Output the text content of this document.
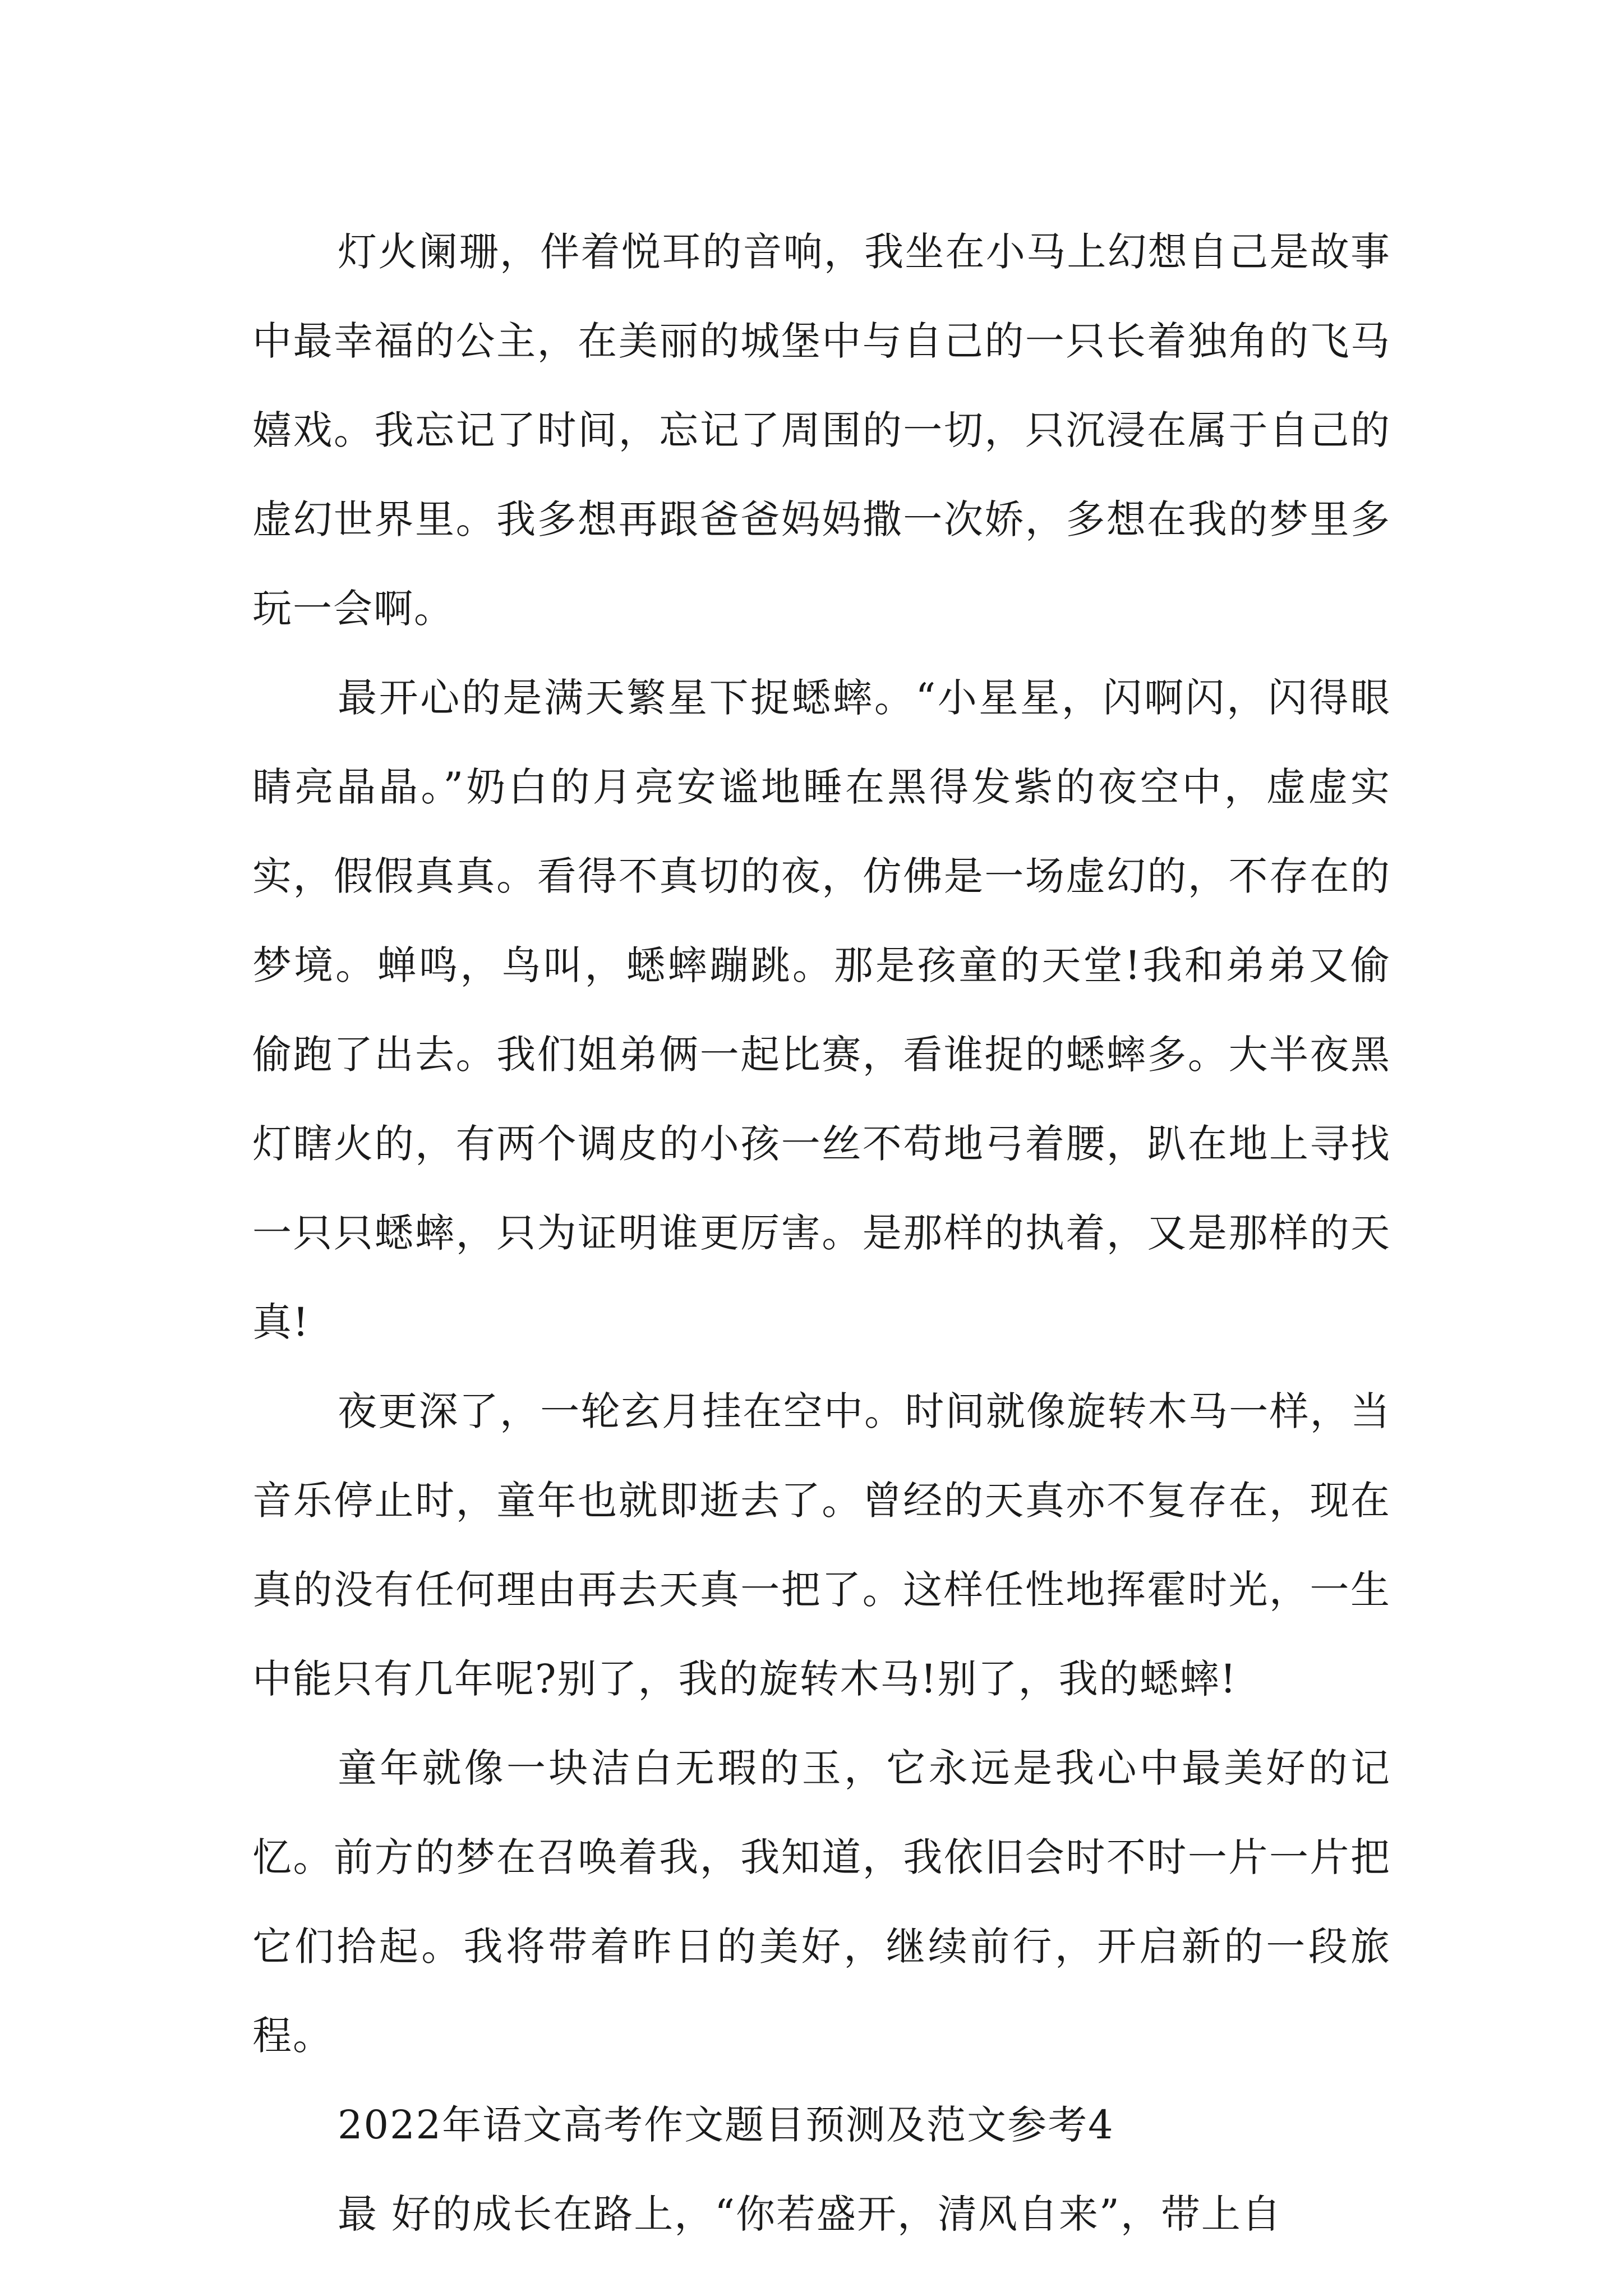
灯火阑珊，伴着悦耳的音响，我坐在小马上幻想自己是故事中最幸福的公主，在美丽的城堡中与自己的一只长着独角的飞马嬉戏。我忘记了时间，忘记了周围的一切，只沉浸在属于自己的虚幻世界里。我多想再跟爸爸妈妈撒一次娇，多想在我的梦里多玩一会啊。

最开心的是满天繁星下捉蟋蟀。“小星星，闪啊闪，闪得眼睛亮晶晶。”奶白的月亮安谧地睡在黑得发紫的夜空中，虚虚实实，假假真真。看得不真切的夜，仿佛是一场虚幻的，不存在的梦境。蝉鸣，鸟叫，蟋蟀蹦跳。那是孩童的天堂!我和弟弟又偷偷跑了出去。我们姐弟俩一起比赛，看谁捉的蟋蟀多。大半夜黑灯瞎火的，有两个调皮的小孩一丝不苟地弓着腰，趴在地上寻找一只只蟋蟀，只为证明谁更厉害。是那样的执着，又是那样的天真!

夜更深了，一轮玄月挂在空中。时间就像旋转木马一样，当音乐停止时，童年也就即逝去了。曾经的天真亦不复存在，现在真的没有任何理由再去天真一把了。这样任性地挥霍时光，一生中能只有几年呢?别了，我的旋转木马!别了，我的蟋蟀!

童年就像一块洁白无瑕的玉，它永远是我心中最美好的记忆。前方的梦在召唤着我，我知道，我依旧会时不时一片一片把它们拾起。我将带着昨日的美好，继续前行，开启新的一段旅程。

2022年语文高考作文题目预测及范文参考4

最 好的成长在路上，“你若盛开，清风自来”，带上自
